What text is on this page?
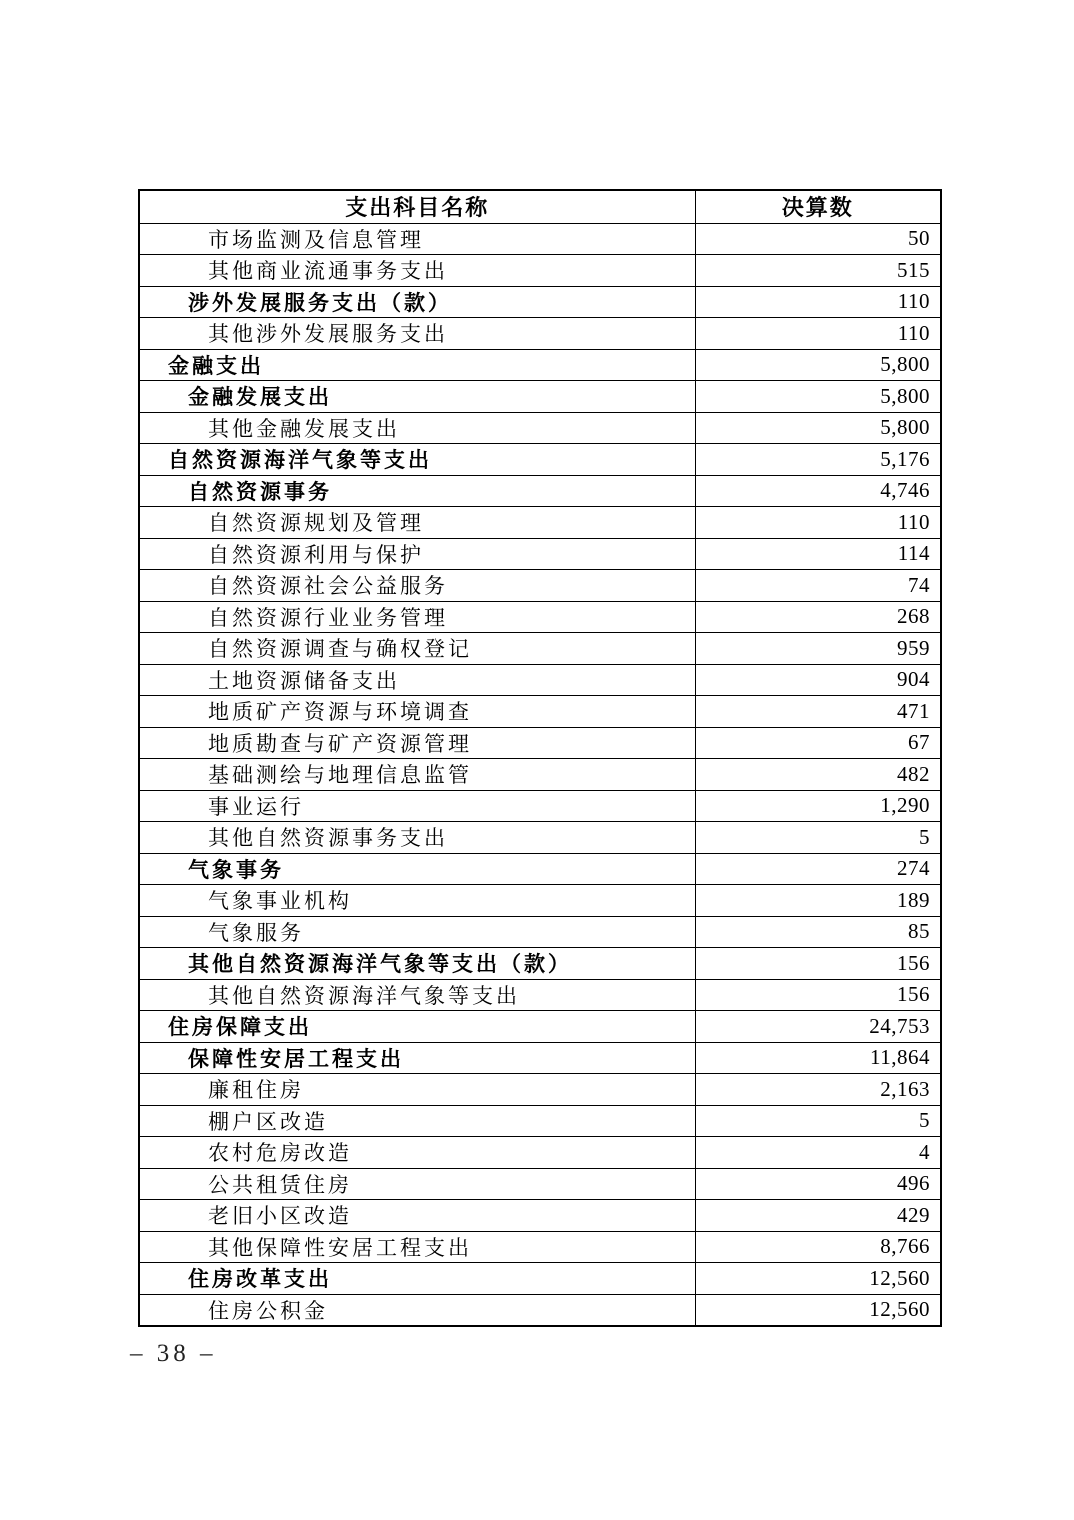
支出科目名称	决算数
市场监测及信息管理	50
其他商业流通事务支出	515
涉外发展服务支出（款）	110
其他涉外发展服务支出	110
金融支出	5,800
金融发展支出	5,800
其他金融发展支出	5,800
自然资源海洋气象等支出	5,176
自然资源事务	4,746
自然资源规划及管理	110
自然资源利用与保护	114
自然资源社会公益服务	74
自然资源行业业务管理	268
自然资源调查与确权登记	959
土地资源储备支出	904
地质矿产资源与环境调查	471
地质勘查与矿产资源管理	67
基础测绘与地理信息监管	482
事业运行	1,290
其他自然资源事务支出	5
气象事务	274
气象事业机构	189
气象服务	85
其他自然资源海洋气象等支出（款）	156
其他自然资源海洋气象等支出	156
住房保障支出	24,753
保障性安居工程支出	11,864
廉租住房	2,163
棚户区改造	5
农村危房改造	4
公共租赁住房	496
老旧小区改造	429
其他保障性安居工程支出	8,766
住房改革支出	12,560
住房公积金	12,560
– 38 –
